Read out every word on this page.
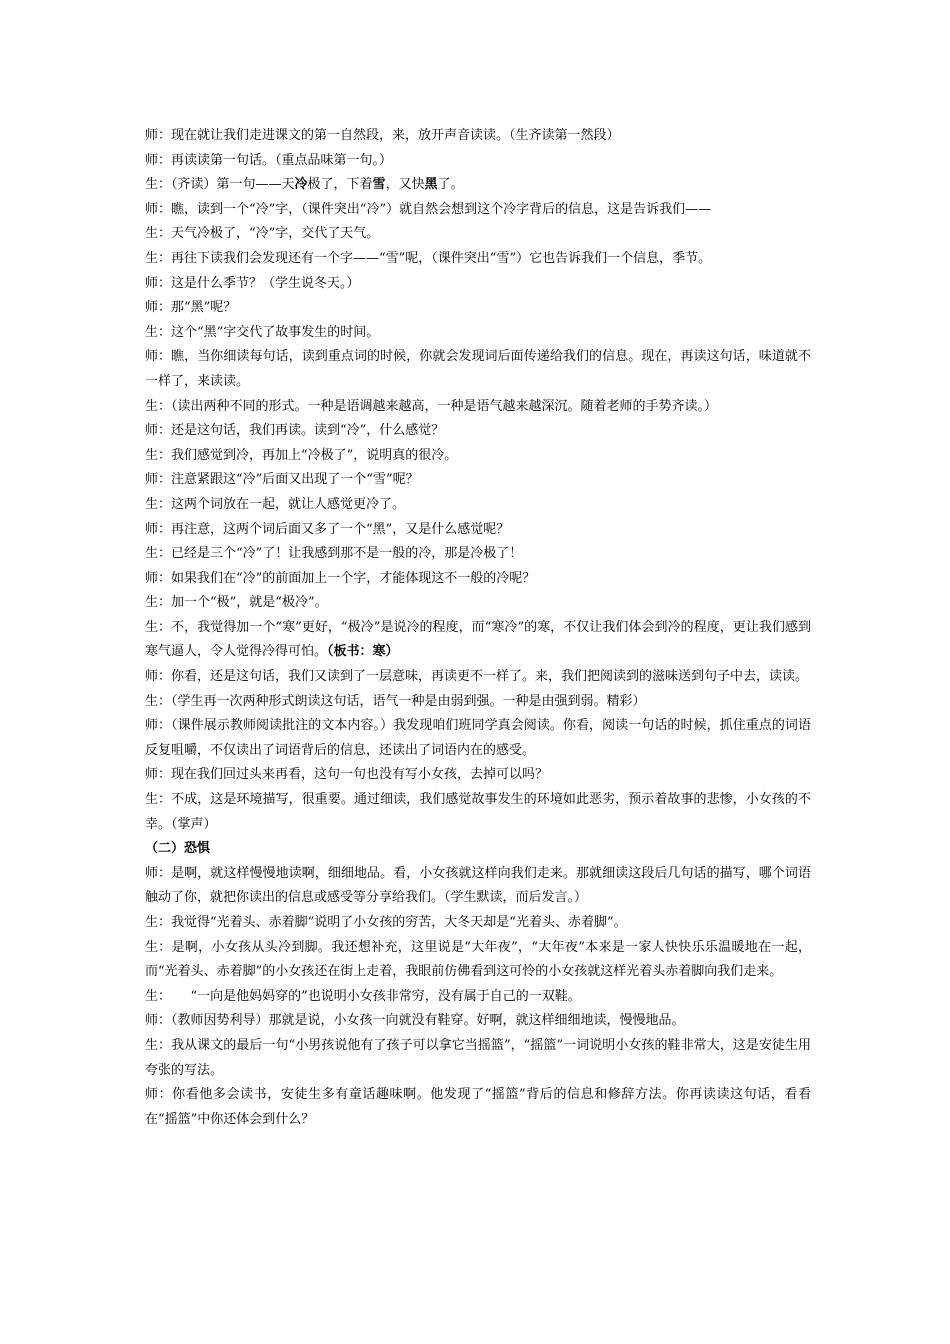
师：现在就让我们走进课文的第一自然段，来，放开声音读读。（生齐读第一然段）

师：再读读第一句话。（重点品味第一句。）

生：（齐读）第一句——天冷极了，下着雪，又快黑了。

师：瞧，读到一个“冷”字，（课件突出“冷”）就自然会想到这个冷字背后的信息，这是告诉我们——

生：天气冷极了，“冷”字，交代了天气。

生：再往下读我们会发现还有一个字——“雪”呢，（课件突出“雪”）它也告诉我们一个信息，季节。

师：这是什么季节？（学生说冬天。）

师：那“黑”呢？

生：这个“黑”字交代了故事发生的时间。

师：瞧，当你细读每句话，读到重点词的时候，你就会发现词后面传递给我们的信息。现在，再读这句话，味道就不一样了，来读读。

生：（读出两种不同的形式。一种是语调越来越高，一种是语气越来越深沉。随着老师的手势齐读。）

师：还是这句话，我们再读。读到“冷”，什么感觉？

生：我们感觉到冷，再加上“冷极了”，说明真的很冷。

师：注意紧跟这“冷”后面又出现了一个“雪”呢？

生：这两个词放在一起，就让人感觉更冷了。

师：再注意，这两个词后面又多了一个“黑”，又是什么感觉呢？

生：已经是三个“冷”了！让我感到那不是一般的冷，那是冷极了！

师：如果我们在“冷”的前面加上一个字，才能体现这不一般的冷呢？

生：加一个“极”，就是“极冷”。

生：不，我觉得加一个“寒”更好，“极冷”是说冷的程度，而“寒冷”的寒，不仅让我们体会到冷的程度，更让我们感到寒气逼人，令人觉得冷得可怕。（板书：寒）

师：你看，还是这句话，我们又读到了一层意味，再读更不一样了。来，我们把阅读到的滋味送到句子中去，读读。

生：（学生再一次两种形式朗读这句话，语气一种是由弱到强。一种是由强到弱。精彩）

师：（课件展示教师阅读批注的文本内容。）我发现咱们班同学真会阅读。你看，阅读一句话的时候，抓住重点的词语反复咀嚼，不仅读出了词语背后的信息，还读出了词语内在的感受。

师：现在我们回过头来再看，这句一句也没有写小女孩，去掉可以吗？

生：不成，这是环境描写，很重要。通过细读，我们感觉故事发生的环境如此恶劣，预示着故事的悲惨，小女孩的不幸。（掌声）

（二）恐惧

师：是啊，就这样慢慢地读啊，细细地品。看，小女孩就这样向我们走来。那就细读这段后几句话的描写，哪个词语触动了你，就把你读出的信息或感受等分享给我们。（学生默读，而后发言。）

生：我觉得“光着头、赤着脚”说明了小女孩的穷苦，大冬天却是“光着头、赤着脚”。

生：是啊，小女孩从头冷到脚。我还想补充，这里说是“大年夜”，“大年夜”本来是一家人快快乐乐温暖地在一起，而“光着头、赤着脚”的小女孩还在街上走着，我眼前仿佛看到这可怜的小女孩就这样光着头赤着脚向我们走来。

生：　　“一向是他妈妈穿的”也说明小女孩非常穷，没有属于自己的一双鞋。

师：（教师因势利导）那就是说，小女孩一向就没有鞋穿。好啊，就这样细细地读，慢慢地品。

生：我从课文的最后一句“小男孩说他有了孩子可以拿它当摇篮”，“摇篮”一词说明小女孩的鞋非常大，这是安徒生用夸张的写法。

师：你看他多会读书，安徒生多有童话趣味啊。他发现了“摇篮”背后的信息和修辞方法。你再读读这句话，看看在“摇篮”中你还体会到什么？
